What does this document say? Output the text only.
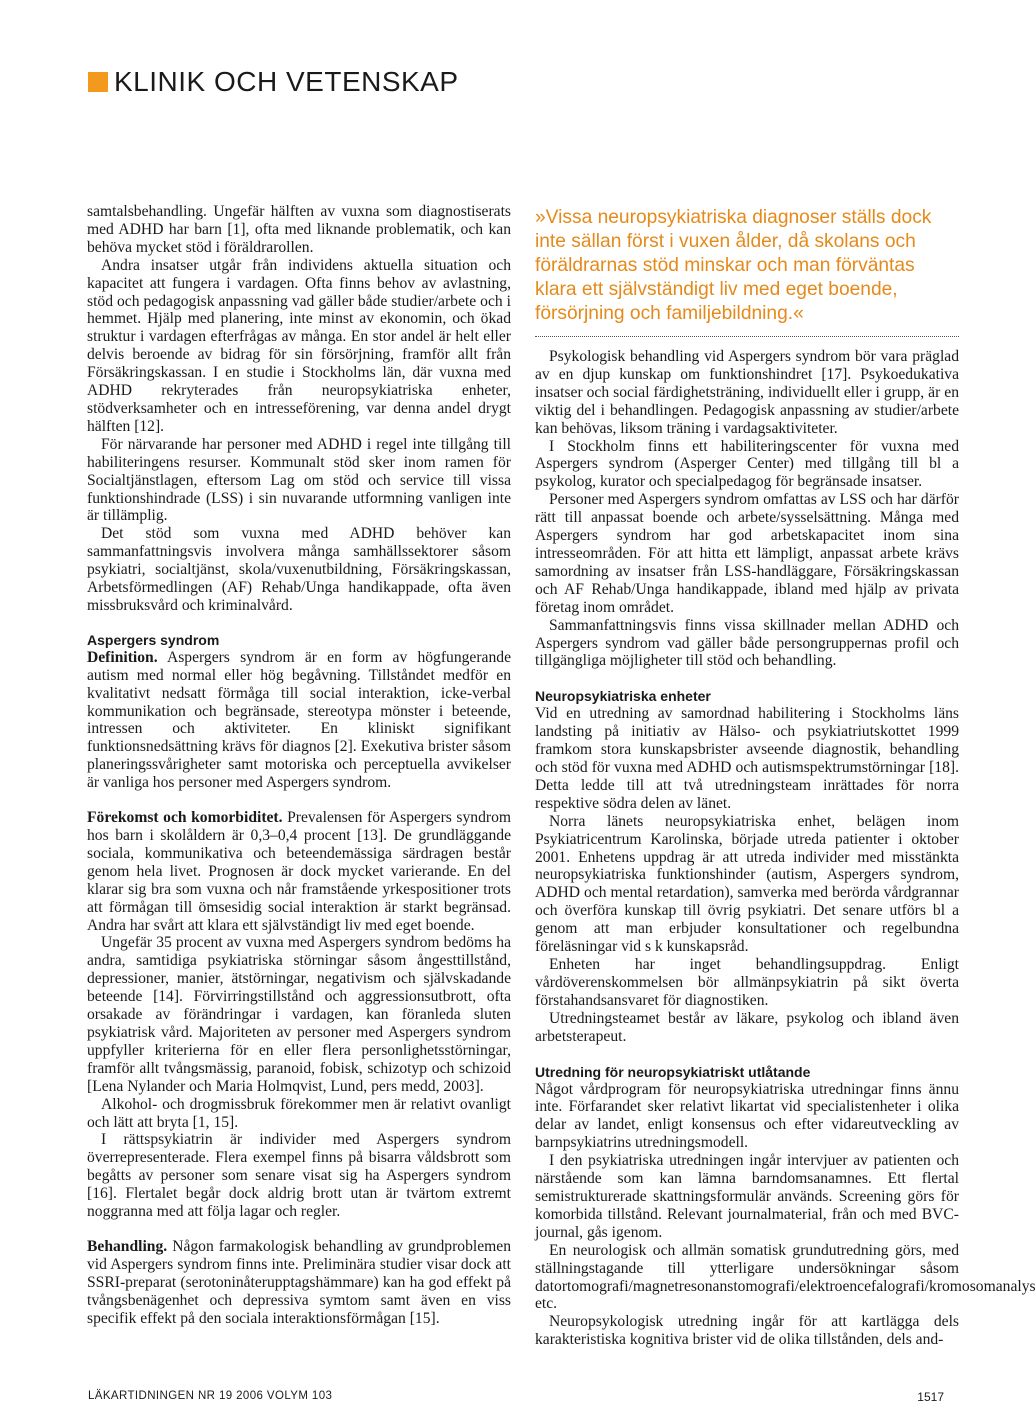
KLINIK OCH VETENSKAP

samtalsbehandling. Ungefär hälften av vuxna som diagnostiserats med ADHD har barn [1], ofta med liknande problematik, och kan behöva mycket stöd i föräldrarollen.

Andra insatser utgår från individens aktuella situation och kapacitet att fungera i vardagen. Ofta finns behov av avlastning, stöd och pedagogisk anpassning vad gäller både studier/arbete och i hemmet. Hjälp med planering, inte minst av ekonomin, och ökad struktur i vardagen efterfrågas av många. En stor andel är helt eller delvis beroende av bidrag för sin försörjning, framför allt från Försäkringskassan. I en studie i Stockholms län, där vuxna med ADHD rekryterades från neuropsykiatriska enheter, stödverksamheter och en intresseförening, var denna andel drygt hälften [12].

För närvarande har personer med ADHD i regel inte tillgång till habiliteringens resurser. Kommunalt stöd sker inom ramen för Socialtjänstlagen, eftersom Lag om stöd och service till vissa funktionshindrade (LSS) i sin nuvarande utformning vanligen inte är tillämplig.

Det stöd som vuxna med ADHD behöver kan sammanfattningsvis involvera många samhällssektorer såsom psykiatri, socialtjänst, skola/vuxenutbildning, Försäkringskassan, Arbetsförmedlingen (AF) Rehab/Unga handikappade, ofta även missbruksvård och kriminalvård.

Aspergers syndrom

Definition. Aspergers syndrom är en form av högfungerande autism med normal eller hög begåvning. Tillståndet medför en kvalitativt nedsatt förmåga till social interaktion, icke-verbal kommunikation och begränsade, stereotypa mönster i beteende, intressen och aktiviteter. En kliniskt signifikant funktionsnedsättning krävs för diagnos [2]. Exekutiva brister såsom planeringssvårigheter samt motoriska och perceptuella avvikelser är vanliga hos personer med Aspergers syndrom.

Förekomst och komorbiditet. Prevalensen för Aspergers syndrom hos barn i skolåldern är 0,3–0,4 procent [13]. De grundläggande sociala, kommunikativa och beteendemässiga särdragen består genom hela livet. Prognosen är dock mycket varierande. En del klarar sig bra som vuxna och når framstående yrkespositioner trots att förmågan till ömsesidig social interaktion är starkt begränsad. Andra har svårt att klara ett självständigt liv med eget boende.

Ungefär 35 procent av vuxna med Aspergers syndrom bedöms ha andra, samtidiga psykiatriska störningar såsom ångesttillstånd, depressioner, manier, ätstörningar, negativism och självskadande beteende [14]. Förvirringstillstånd och aggressionsutbrott, ofta orsakade av förändringar i vardagen, kan föranleda sluten psykiatrisk vård. Majoriteten av personer med Aspergers syndrom uppfyller kriterierna för en eller flera personlighetsstörningar, framför allt tvångsmässig, paranoid, fobisk, schizotyp och schizoid [Lena Nylander och Maria Holmqvist, Lund, pers medd, 2003].

Alkohol- och drogmissbruk förekommer men är relativt ovanligt och lätt att bryta [1, 15].

I rättspsykiatrin är individer med Aspergers syndrom överrepresenterade. Flera exempel finns på bisarra våldsbrott som begåtts av personer som senare visat sig ha Aspergers syndrom [16]. Flertalet begår dock aldrig brott utan är tvärtom extremt noggranna med att följa lagar och regler.

Behandling. Någon farmakologisk behandling av grundproblemen vid Aspergers syndrom finns inte. Preliminära studier visar dock att SSRI-preparat (serotoninåterupptagshämmare) kan ha god effekt på tvångsbenägenhet och depressiva symtom samt även en viss specifik effekt på den sociala interaktionsförmågan [15].

»Vissa neuropsykiatriska diagnoser ställs dock inte sällan först i vuxen ålder, då skolans och föräldrarnas stöd minskar och man förväntas klara ett självständigt liv med eget boende, försörjning och familjebildning.«

Psykologisk behandling vid Aspergers syndrom bör vara präglad av en djup kunskap om funktionshindret [17]. Psykoedukativa insatser och social färdighetsträning, individuellt eller i grupp, är en viktig del i behandlingen. Pedagogisk anpassning av studier/arbete kan behövas, liksom träning i vardagsaktiviteter.

I Stockholm finns ett habiliteringscenter för vuxna med Aspergers syndrom (Asperger Center) med tillgång till bl a psykolog, kurator och specialpedagog för begränsade insatser.

Personer med Aspergers syndrom omfattas av LSS och har därför rätt till anpassat boende och arbete/sysselsättning. Många med Aspergers syndrom har god arbetskapacitet inom sina intresseområden. För att hitta ett lämpligt, anpassat arbete krävs samordning av insatser från LSS-handläggare, Försäkringskassan och AF Rehab/Unga handikappade, ibland med hjälp av privata företag inom området.

Sammanfattningsvis finns vissa skillnader mellan ADHD och Aspergers syndrom vad gäller både persongruppernas profil och tillgängliga möjligheter till stöd och behandling.

Neuropsykiatriska enheter

Vid en utredning av samordnad habilitering i Stockholms läns landsting på initiativ av Hälso- och psykiatriutskottet 1999 framkom stora kunskapsbrister avseende diagnostik, behandling och stöd för vuxna med ADHD och autismspektrumstörningar [18]. Detta ledde till att två utredningsteam inrättades för norra respektive södra delen av länet.

Norra länets neuropsykiatriska enhet, belägen inom Psykiatricentrum Karolinska, började utreda patienter i oktober 2001. Enhetens uppdrag är att utreda individer med misstänkta neuropsykiatriska funktionshinder (autism, Aspergers syndrom, ADHD och mental retardation), samverka med berörda vårdgrannar och överföra kunskap till övrig psykiatri. Det senare utförs bl a genom att man erbjuder konsultationer och regelbundna föreläsningar vid s k kunskapsråd.

Enheten har inget behandlingsuppdrag. Enligt vårdöverenskommelsen bör allmänpsykiatrin på sikt överta förstahandsansvaret för diagnostiken.

Utredningsteamet består av läkare, psykolog och ibland även arbetsterapeut.

Utredning för neuropsykiatriskt utlåtande

Något vårdprogram för neuropsykiatriska utredningar finns ännu inte. Förfarandet sker relativt likartat vid specialistenheter i olika delar av landet, enligt konsensus och efter vidareutveckling av barnpsykiatrins utredningsmodell.

I den psykiatriska utredningen ingår intervjuer av patienten och närstående som kan lämna barndomsanamnes. Ett flertal semistrukturerade skattningsformulär används. Screening görs för komorbida tillstånd. Relevant journalmaterial, från och med BVC-journal, gås igenom.

En neurologisk och allmän somatisk grundutredning görs, med ställningstagande till ytterligare undersökningar såsom datortomografi/magnetresonanstomografi/elektroencefalografi/kromosomanalys etc.

Neuropsykologisk utredning ingår för att kartlägga dels karakteristiska kognitiva brister vid de olika tillstånden, dels and-

LÄKARTIDNINGEN NR 19 2006 VOLYM 103	1517
